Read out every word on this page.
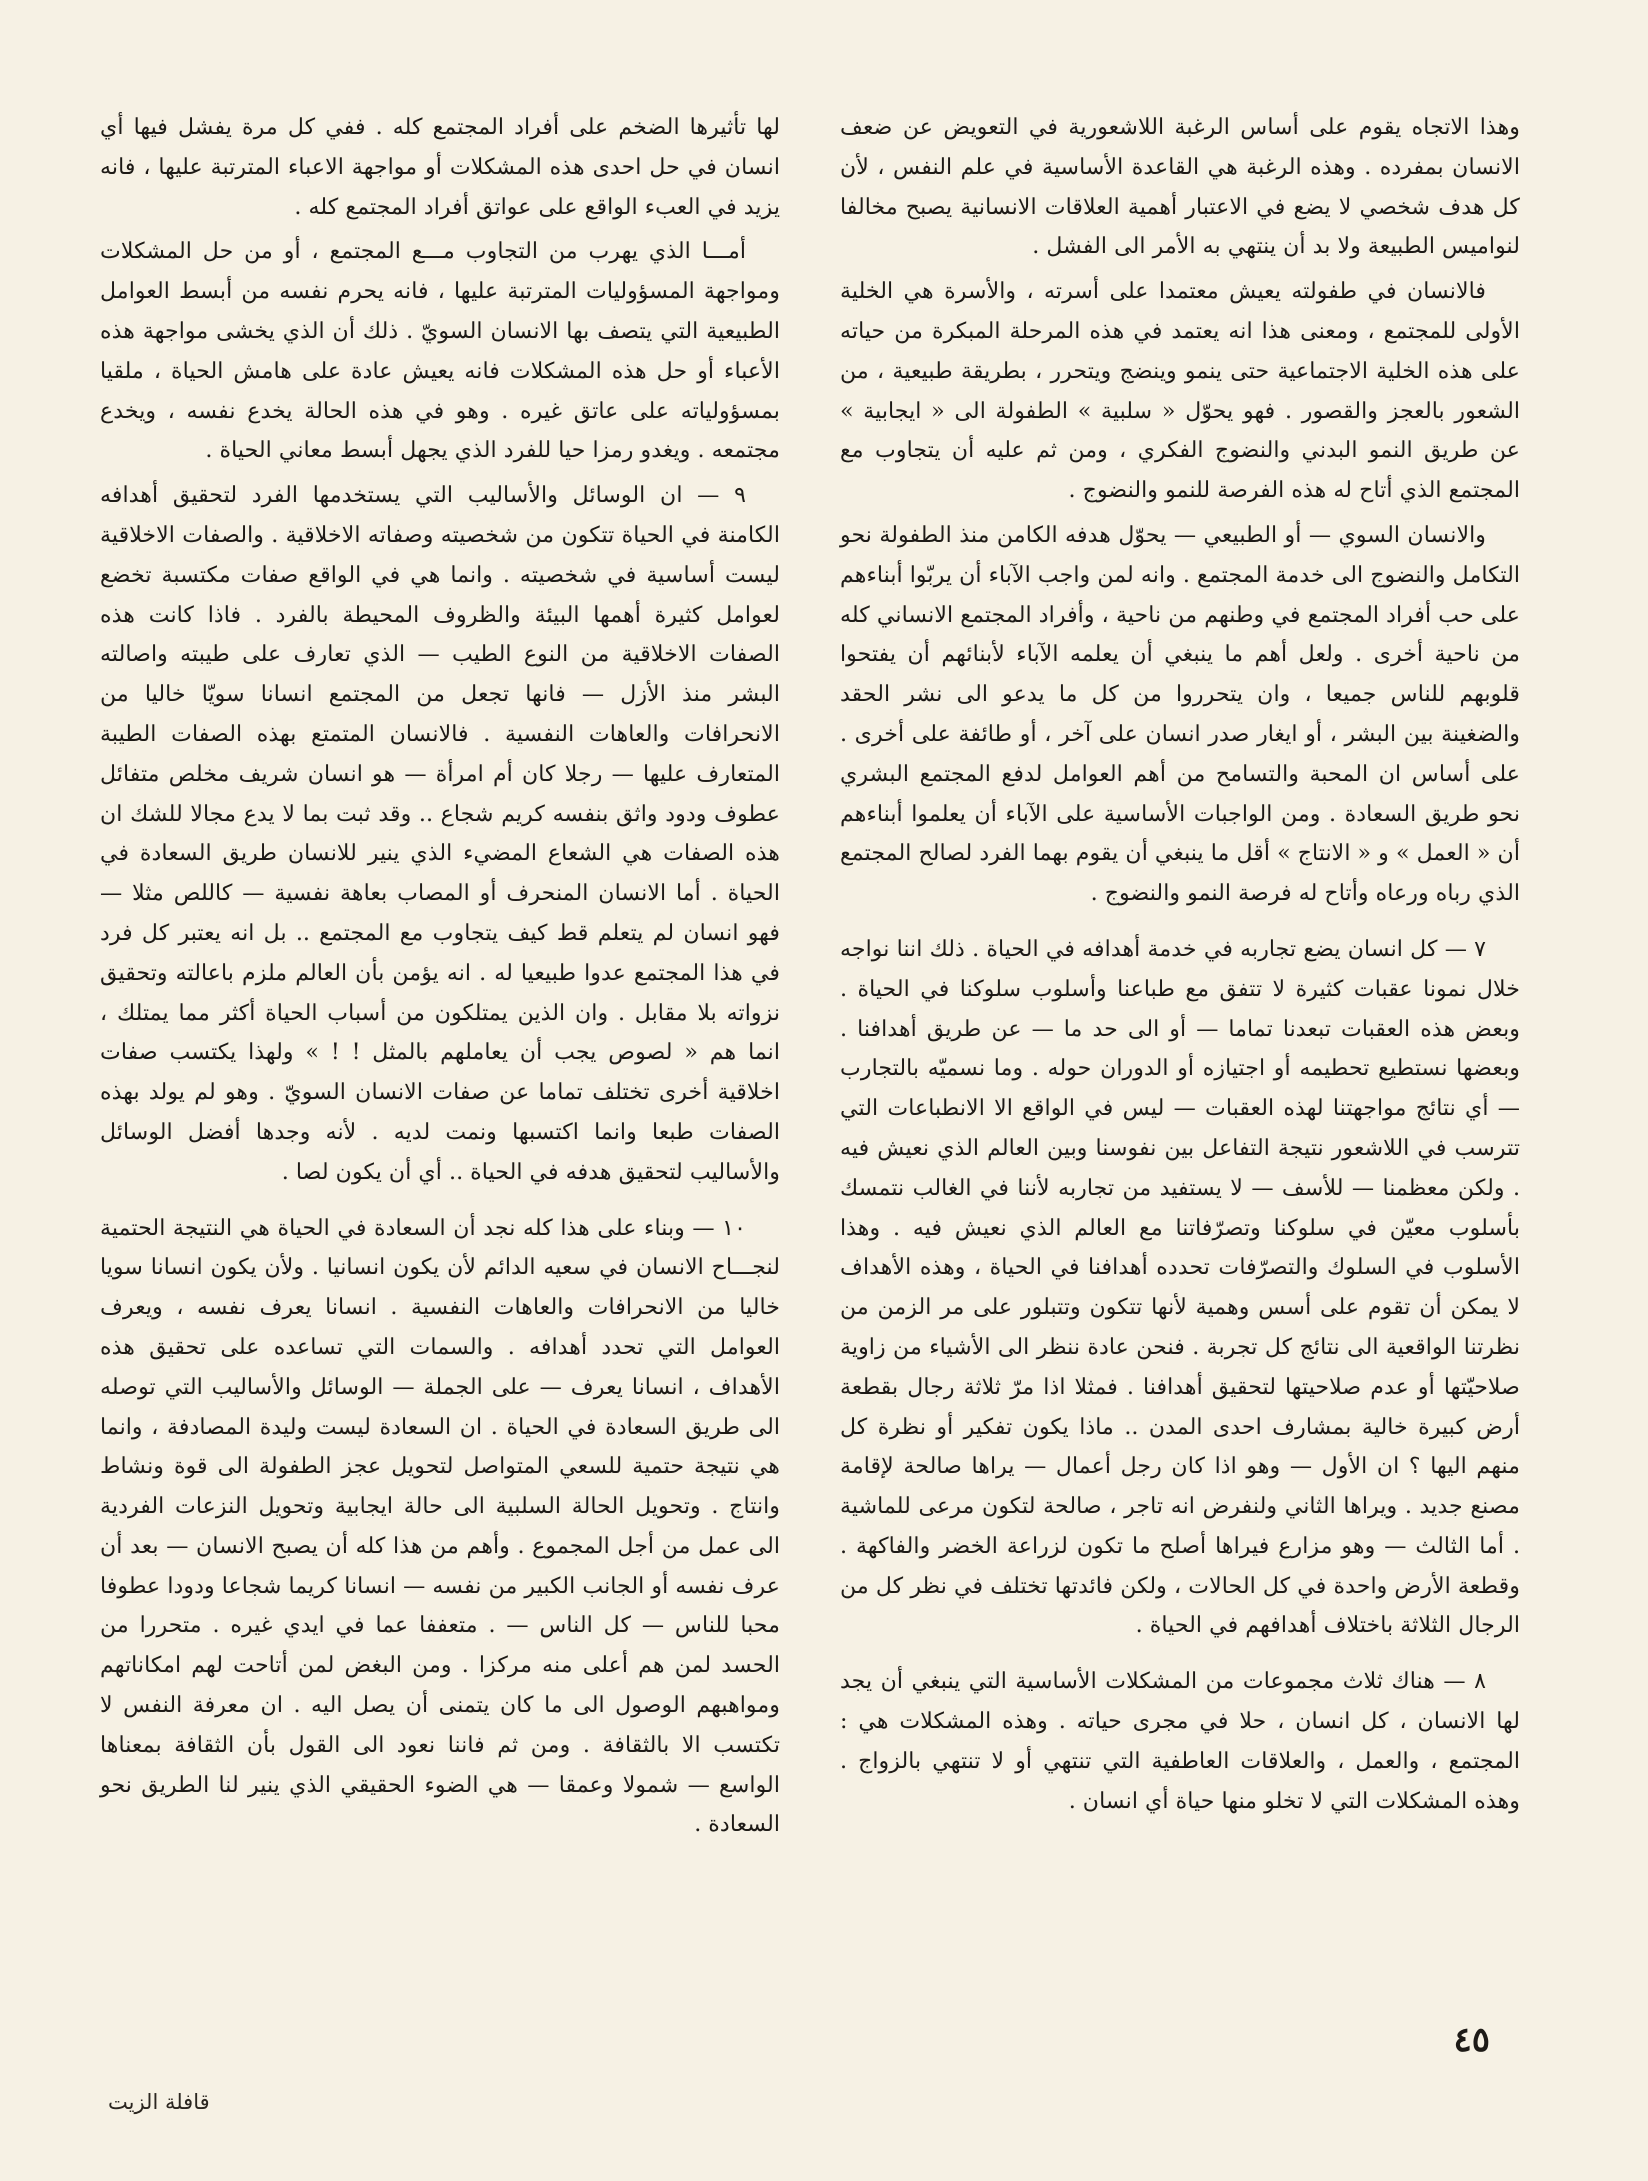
وهذا الاتجاه يقوم على أساس الرغبة اللاشعورية في التعويض عن ضعف الانسان بمفرده . وهذه الرغبة هي القاعدة الأساسية في علم النفس ، لأن كل هدف شخصي لا يضع في الاعتبار أهمية العلاقات الانسانية يصبح مخالفا لنواميس الطبيعة ولا بد أن ينتهي به الأمر الى الفشل .

فالانسان في طفولته يعيش معتمدا على أسرته ، والأسرة هي الخلية الأولى للمجتمع ، ومعنى هذا انه يعتمد في هذه المرحلة المبكرة من حياته على هذه الخلية الاجتماعية حتى ينمو وينضج ويتحرر ، بطريقة طبيعية ، من الشعور بالعجز والقصور . فهو يحوّل « سلبية » الطفولة الى « ايجابية » عن طريق النمو البدني والنضوج الفكري ، ومن ثم عليه أن يتجاوب مع المجتمع الذي أتاح له هذه الفرصة للنمو والنضوج .

والانسان السوي — أو الطبيعي — يحوّل هدفه الكامن منذ الطفولة نحو التكامل والنضوج الى خدمة المجتمع . وانه لمن واجب الآباء أن يربّوا أبناءهم على حب أفراد المجتمع في وطنهم من ناحية ، وأفراد المجتمع الانساني كله من ناحية أخرى . ولعل أهم ما ينبغي أن يعلمه الآباء لأبنائهم أن يفتحوا قلوبهم للناس جميعا ، وان يتحرروا من كل ما يدعو الى نشر الحقد والضغينة بين البشر ، أو ايغار صدر انسان على آخر ، أو طائفة على أخرى . على أساس ان المحبة والتسامح من أهم العوامل لدفع المجتمع البشري نحو طريق السعادة . ومن الواجبات الأساسية على الآباء أن يعلموا أبناءهم أن « العمل » و « الانتاج » أقل ما ينبغي أن يقوم بهما الفرد لصالح المجتمع الذي رباه ورعاه وأتاح له فرصة النمو والنضوج .

٧ — كل انسان يضع تجاربه في خدمة أهدافه في الحياة . ذلك اننا نواجه خلال نمونا عقبات كثيرة لا تتفق مع طباعنا وأسلوب سلوكنا في الحياة . وبعض هذه العقبات تبعدنا تماما — أو الى حد ما — عن طريق أهدافنا . وبعضها نستطيع تحطيمه أو اجتيازه أو الدوران حوله . وما نسميّه بالتجارب — أي نتائج مواجهتنا لهذه العقبات — ليس في الواقع الا الانطباعات التي تترسب في اللاشعور نتيجة التفاعل بين نفوسنا وبين العالم الذي نعيش فيه . ولكن معظمنا — للأسف — لا يستفيد من تجاربه لأننا في الغالب نتمسك بأسلوب معيّن في سلوكنا وتصرّفاتنا مع العالم الذي نعيش فيه . وهذا الأسلوب في السلوك والتصرّفات تحدده أهدافنا في الحياة ، وهذه الأهداف لا يمكن أن تقوم على أسس وهمية لأنها تتكون وتتبلور على مر الزمن من نظرتنا الواقعية الى نتائج كل تجربة . فنحن عادة ننظر الى الأشياء من زاوية صلاحيّتها أو عدم صلاحيتها لتحقيق أهدافنا . فمثلا اذا مرّ ثلاثة رجال بقطعة أرض كبيرة خالية بمشارف احدى المدن .. ماذا يكون تفكير أو نظرة كل منهم اليها ؟ ان الأول — وهو اذا كان رجل أعمال — يراها صالحة لإقامة مصنع جديد . ويراها الثاني ولنفرض انه تاجر ، صالحة لتكون مرعى للماشية . أما الثالث — وهو مزارع فيراها أصلح ما تكون لزراعة الخضر والفاكهة . وقطعة الأرض واحدة في كل الحالات ، ولكن فائدتها تختلف في نظر كل من الرجال الثلاثة باختلاف أهدافهم في الحياة .

٨ — هناك ثلاث مجموعات من المشكلات الأساسية التي ينبغي أن يجد لها الانسان ، كل انسان ، حلا في مجرى حياته . وهذه المشكلات هي : المجتمع ، والعمل ، والعلاقات العاطفية التي تنتهي أو لا تنتهي بالزواج . وهذه المشكلات التي لا تخلو منها حياة أي انسان .

لها تأثيرها الضخم على أفراد المجتمع كله . ففي كل مرة يفشل فيها أي انسان في حل احدى هذه المشكلات أو مواجهة الاعباء المترتبة عليها ، فانه يزيد في العبء الواقع على عواتق أفراد المجتمع كله .

أمـــا الذي يهرب من التجاوب مـــع المجتمع ، أو من حل المشكلات ومواجهة المسؤوليات المترتبة عليها ، فانه يحرم نفسه من أبسط العوامل الطبيعية التي يتصف بها الانسان السويّ . ذلك أن الذي يخشى مواجهة هذه الأعباء أو حل هذه المشكلات فانه يعيش عادة على هامش الحياة ، ملقيا بمسؤولياته على عاتق غيره . وهو في هذه الحالة يخدع نفسه ، ويخدع مجتمعه . ويغدو رمزا حيا للفرد الذي يجهل أبسط معاني الحياة .

٩ — ان الوسائل والأساليب التي يستخدمها الفرد لتحقيق أهدافه الكامنة في الحياة تتكون من شخصيته وصفاته الاخلاقية . والصفات الاخلاقية ليست أساسية في شخصيته . وانما هي في الواقع صفات مكتسبة تخضع لعوامل كثيرة أهمها البيئة والظروف المحيطة بالفرد . فاذا كانت هذه الصفات الاخلاقية من النوع الطيب — الذي تعارف على طيبته واصالته البشر منذ الأزل — فانها تجعل من المجتمع انسانا سويّا خاليا من الانحرافات والعاهات النفسية . فالانسان المتمتع بهذه الصفات الطيبة المتعارف عليها — رجلا كان أم امرأة — هو انسان شريف مخلص متفائل عطوف ودود واثق بنفسه كريم شجاع .. وقد ثبت بما لا يدع مجالا للشك ان هذه الصفات هي الشعاع المضيء الذي ينير للانسان طريق السعادة في الحياة . أما الانسان المنحرف أو المصاب بعاهة نفسية — كاللص مثلا — فهو انسان لم يتعلم قط كيف يتجاوب مع المجتمع .. بل انه يعتبر كل فرد في هذا المجتمع عدوا طبيعيا له . انه يؤمن بأن العالم ملزم باعالته وتحقيق نزواته بلا مقابل . وان الذين يمتلكون من أسباب الحياة أكثر مما يمتلك ، انما هم « لصوص يجب أن يعاملهم بالمثل ! ! » ولهذا يكتسب صفات اخلاقية أخرى تختلف تماما عن صفات الانسان السويّ . وهو لم يولد بهذه الصفات طبعا وانما اكتسبها ونمت لديه . لأنه وجدها أفضل الوسائل والأساليب لتحقيق هدفه في الحياة .. أي أن يكون لصا .

١٠ — وبناء على هذا كله نجد أن السعادة في الحياة هي النتيجة الحتمية لنجـــاح الانسان في سعيه الدائم لأن يكون انسانيا . ولأن يكون انسانا سويا خاليا من الانحرافات والعاهات النفسية . انسانا يعرف نفسه ، ويعرف العوامل التي تحدد أهدافه . والسمات التي تساعده على تحقيق هذه الأهداف ، انسانا يعرف — على الجملة — الوسائل والأساليب التي توصله الى طريق السعادة في الحياة . ان السعادة ليست وليدة المصادفة ، وانما هي نتيجة حتمية للسعي المتواصل لتحويل عجز الطفولة الى قوة ونشاط وانتاج . وتحويل الحالة السلبية الى حالة ايجابية وتحويل النزعات الفردية الى عمل من أجل المجموع . وأهم من هذا كله أن يصبح الانسان — بعد أن عرف نفسه أو الجانب الكبير من نفسه — انسانا كريما شجاعا ودودا عطوفا محبا للناس — كل الناس — . متعففا عما في ايدي غيره . متحررا من الحسد لمن هم أعلى منه مركزا . ومن البغض لمن أتاحت لهم امكاناتهم ومواهبهم الوصول الى ما كان يتمنى أن يصل اليه . ان معرفة النفس لا تكتسب الا بالثقافة . ومن ثم فاننا نعود الى القول بأن الثقافة بمعناها الواسع — شمولا وعمقا — هي الضوء الحقيقي الذي ينير لنا الطريق نحو السعادة .

٤٥
قافلة الزيت
